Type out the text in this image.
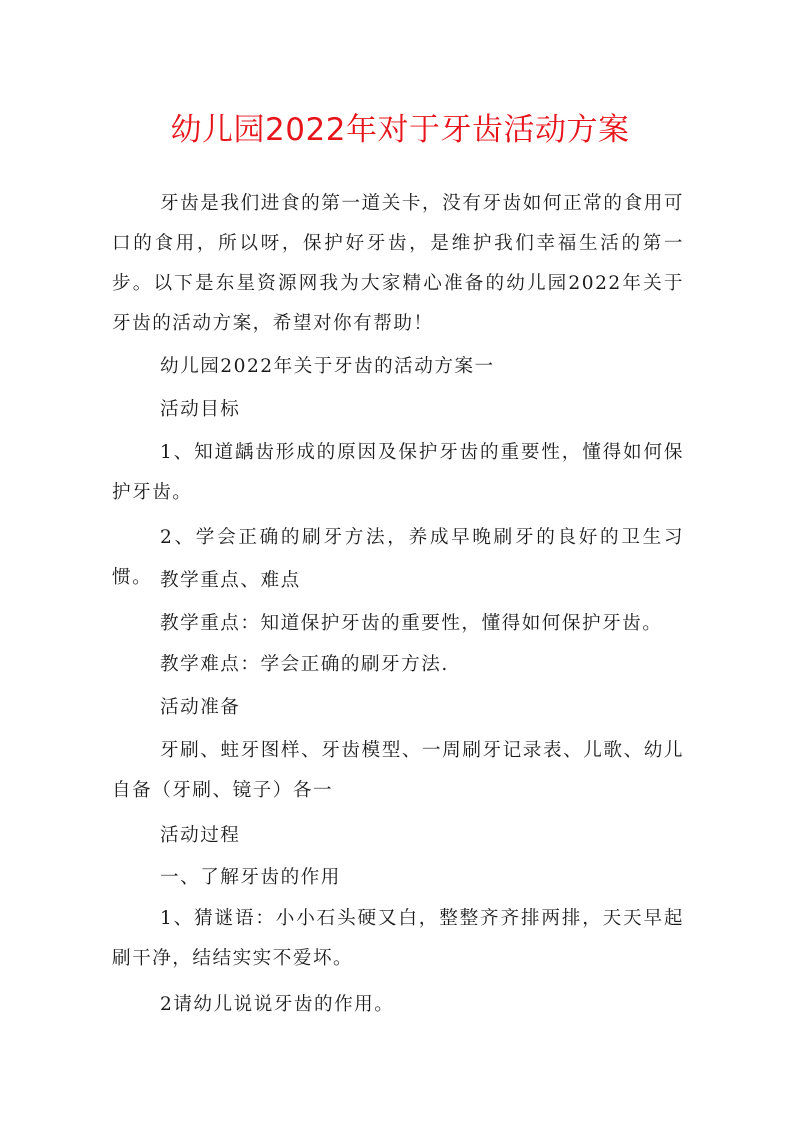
幼儿园2022年对于牙齿活动方案

牙齿是我们进食的第一道关卡，没有牙齿如何正常的食用可口的食用，所以呀，保护好牙齿，是维护我们幸福生活的第一步。以下是东星资源网我为大家精心准备的幼儿园2022年关于牙齿的活动方案，希望对你有帮助！

幼儿园2022年关于牙齿的活动方案一

活动目标

1、知道龋齿形成的原因及保护牙齿的重要性，懂得如何保护牙齿。

2、学会正确的刷牙方法，养成早晚刷牙的良好的卫生习惯。 教学重点、难点

教学重点：知道保护牙齿的重要性，懂得如何保护牙齿。

教学难点：学会正确的刷牙方法.

活动准备

牙刷、蛀牙图样、牙齿模型、一周刷牙记录表、儿歌、幼儿自备（牙刷、镜子）各一

活动过程

一、了解牙齿的作用

1、猜谜语：小小石头硬又白，整整齐齐排两排，天天早起刷干净，结结实实不爱坏。

2请幼儿说说牙齿的作用。
